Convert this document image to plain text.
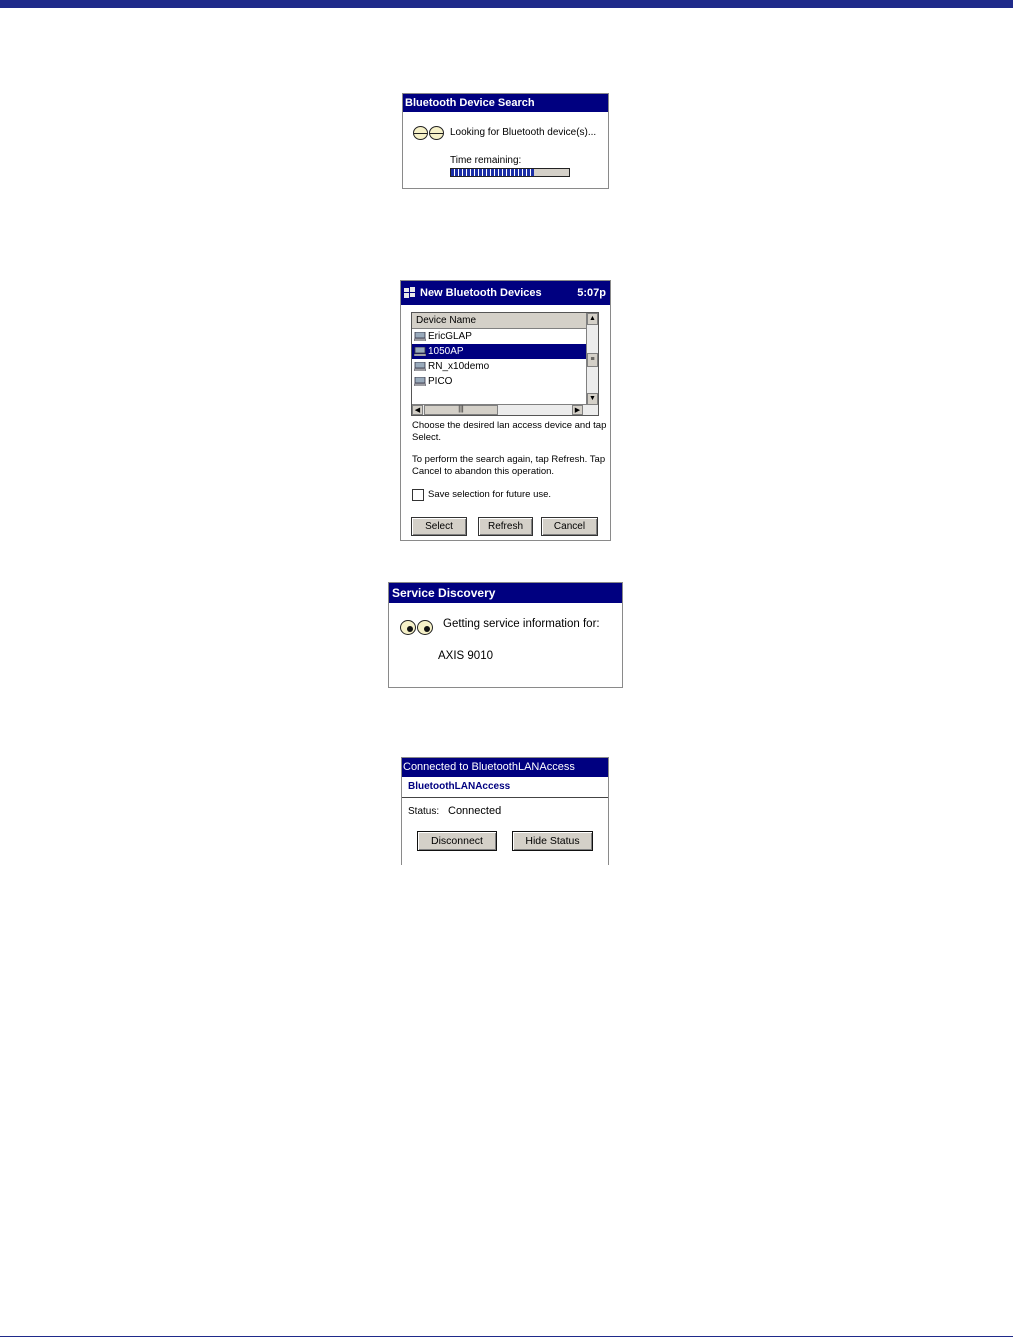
Bluetooth Device Search
Looking for Bluetooth device(s)...
Time remaining:
New Bluetooth Devices	5:07p
Device Name
EricGLAP
1050AP
RN_x10demo
PICO
▲
≡
▼
◀	|||	▶
Choose the desired lan access device and tap Select.
To perform the search again, tap Refresh. Tap Cancel to abandon this operation.
Save selection for future use.
Select	Refresh	Cancel
Service Discovery
Getting service information for:
AXIS 9010
Connected to BluetoothLANAccess
BluetoothLANAccess
Status: Connected
Disconnect	Hide Status
